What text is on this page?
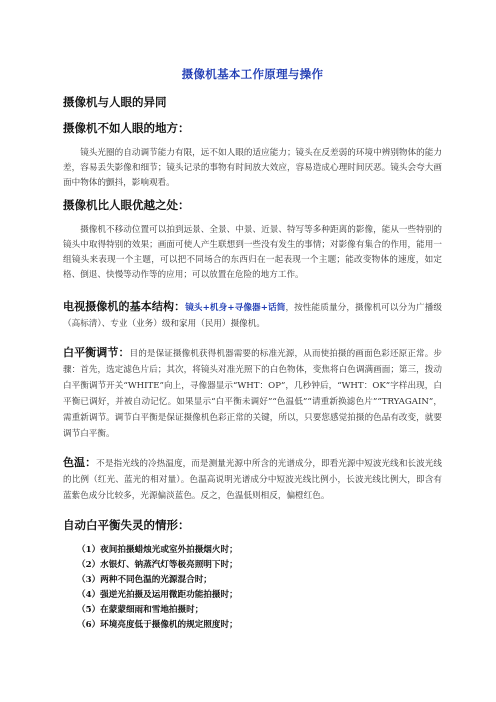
摄像机基本工作原理与操作
摄像机与人眼的异同
摄像机不如人眼的地方：

镜头光圈的自动调节能力有限，远不如人眼的适应能力；镜头在反差弱的环境中辨别物体的能力差，容易丢失影像和细节；镜头记录的事物有时间放大效应，容易造成心理时间厌恶。镜头会夸大画面中物体的颤抖，影响观看。

摄像机比人眼优越之处：

摄像机不移动位置可以拍到远景、全景、中景、近景、特写等多种距离的影像，能从一些特别的镜头中取得特别的效果；画面可使人产生联想到一些没有发生的事情；对影像有集合的作用，能用一组镜头来表现一个主题，可以把不同场合的东西归在一起表现一个主题；能改变物体的速度，如定格、倒退、快慢等动作等的应用；可以放置在危险的地方工作。

电视摄像机的基本结构：镜头+机身+寻像器+话筒，按性能质量分，摄像机可以分为广播级（高标清）、专业（业务）级和家用（民用）摄像机。

白平衡调节：目的是保证摄像机获得机器需要的标准光源，从而使拍摄的画面色彩还原正常。步骤：首先，选定滤色片后；其次，将镜头对准光照下的白色物体，变焦将白色调满画面；第三，拨动白平衡调节开关“WHITE”向上，寻像器显示“WHT：OP”，几秒钟后，“WHT：OK”字样出现，白平衡已调好，并被自动记忆。如果显示“白平衡未调好”“色温低”“请重新换滤色片”“TRYAGAIN”，需重新调节。调节白平衡是保证摄像机色彩正常的关键，所以，只要您感觉拍摄的色品有改变，就要调节白平衡。

色温：不是指光线的冷热温度，而是测量光源中所含的光谱成分，即看光源中短波光线和长波光线的比例（红光、蓝光的相对量）。色温高说明光谱成分中短波光线比例小，长波光线比例大，即含有蓝紫色成分比较多，光源偏淡蓝色。反之，色温低则相反，偏橙红色。

自动白平衡失灵的情形：
（1）夜间拍摄蜡烛光或室外拍摄烟火时；
（2）水银灯、钠蒸汽灯等极亮照明下时；
（3）两种不同色温的光源混合时；
（4）强逆光拍摄及运用微距功能拍摄时；
（5）在蒙蒙细雨和雪地拍摄时；
（6）环境亮度低于摄像机的规定照度时；
